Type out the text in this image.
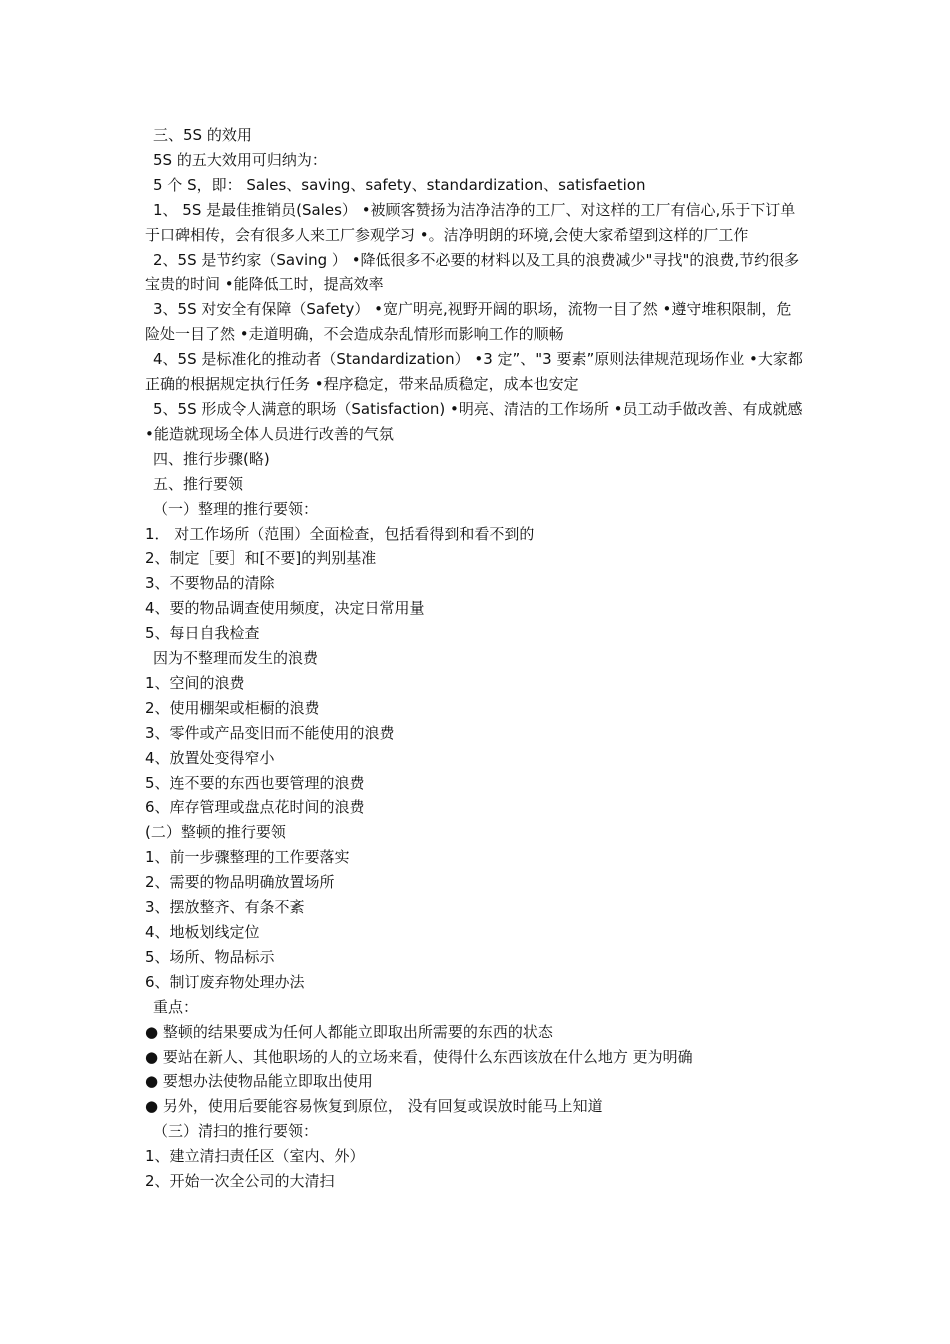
三、5S 的效用
5S 的五大效用可归纳为：
5 个 S，即： Sales、saving、safety、standardization、satisfaetion

1、 5S 是最佳推销员(Sales） •被顾客赞扬为洁净洁净的工厂、对这样的工厂有信心,乐于下订单于口碑相传，会有很多人来工厂参观学习 •。洁净明朗的环境,会使大家希望到这样的厂工作

2、5S 是节约家（Saving ） •降低很多不必要的材料以及工具的浪费减少"寻找"的浪费,节约很多宝贵的时间 •能降低工时，提高效率

3、5S 对安全有保障（Safety） •宽广明亮,视野开阔的职场，流物一目了然 •遵守堆积限制，危险处一目了然 •走道明确，不会造成杂乱情形而影响工作的顺畅

4、5S 是标准化的推动者（Standardization） •3 定”、"3 要素”原则法律规范现场作业 •大家都正确的根据规定执行任务 •程序稳定，带来品质稳定，成本也安定

5、5S 形成令人满意的职场（Satisfaction) •明亮、清洁的工作场所 •员工动手做改善、有成就感 •能造就现场全体人员进行改善的气氛

四、推行步骤(略)
五、推行要领
（一）整理的推行要领：
1． 对工作场所（范围）全面检查，包括看得到和看不到的
2、制定［要］和[不要]的判别基准
3、不要物品的清除
4、要的物品调查使用频度，决定日常用量
5、每日自我检查
因为不整理而发生的浪费
1、空间的浪费
2、使用棚架或柜橱的浪费
3、零件或产品变旧而不能使用的浪费
4、放置处变得窄小
5、连不要的东西也要管理的浪费
6、库存管理或盘点花时间的浪费
(二）整顿的推行要领
1、前一步骤整理的工作要落实
2、需要的物品明确放置场所
3、摆放整齐、有条不紊
4、地板划线定位
5、场所、物品标示
6、制订废弃物处理办法
重点：
● 整顿的结果要成为任何人都能立即取出所需要的东西的状态
● 要站在新人、其他职场的人的立场来看，使得什么东西该放在什么地方 更为明确
● 要想办法使物品能立即取出使用
● 另外，使用后要能容易恢复到原位， 没有回复或误放时能马上知道
（三）清扫的推行要领：
1、建立清扫责任区（室内、外）
2、开始一次全公司的大清扫
